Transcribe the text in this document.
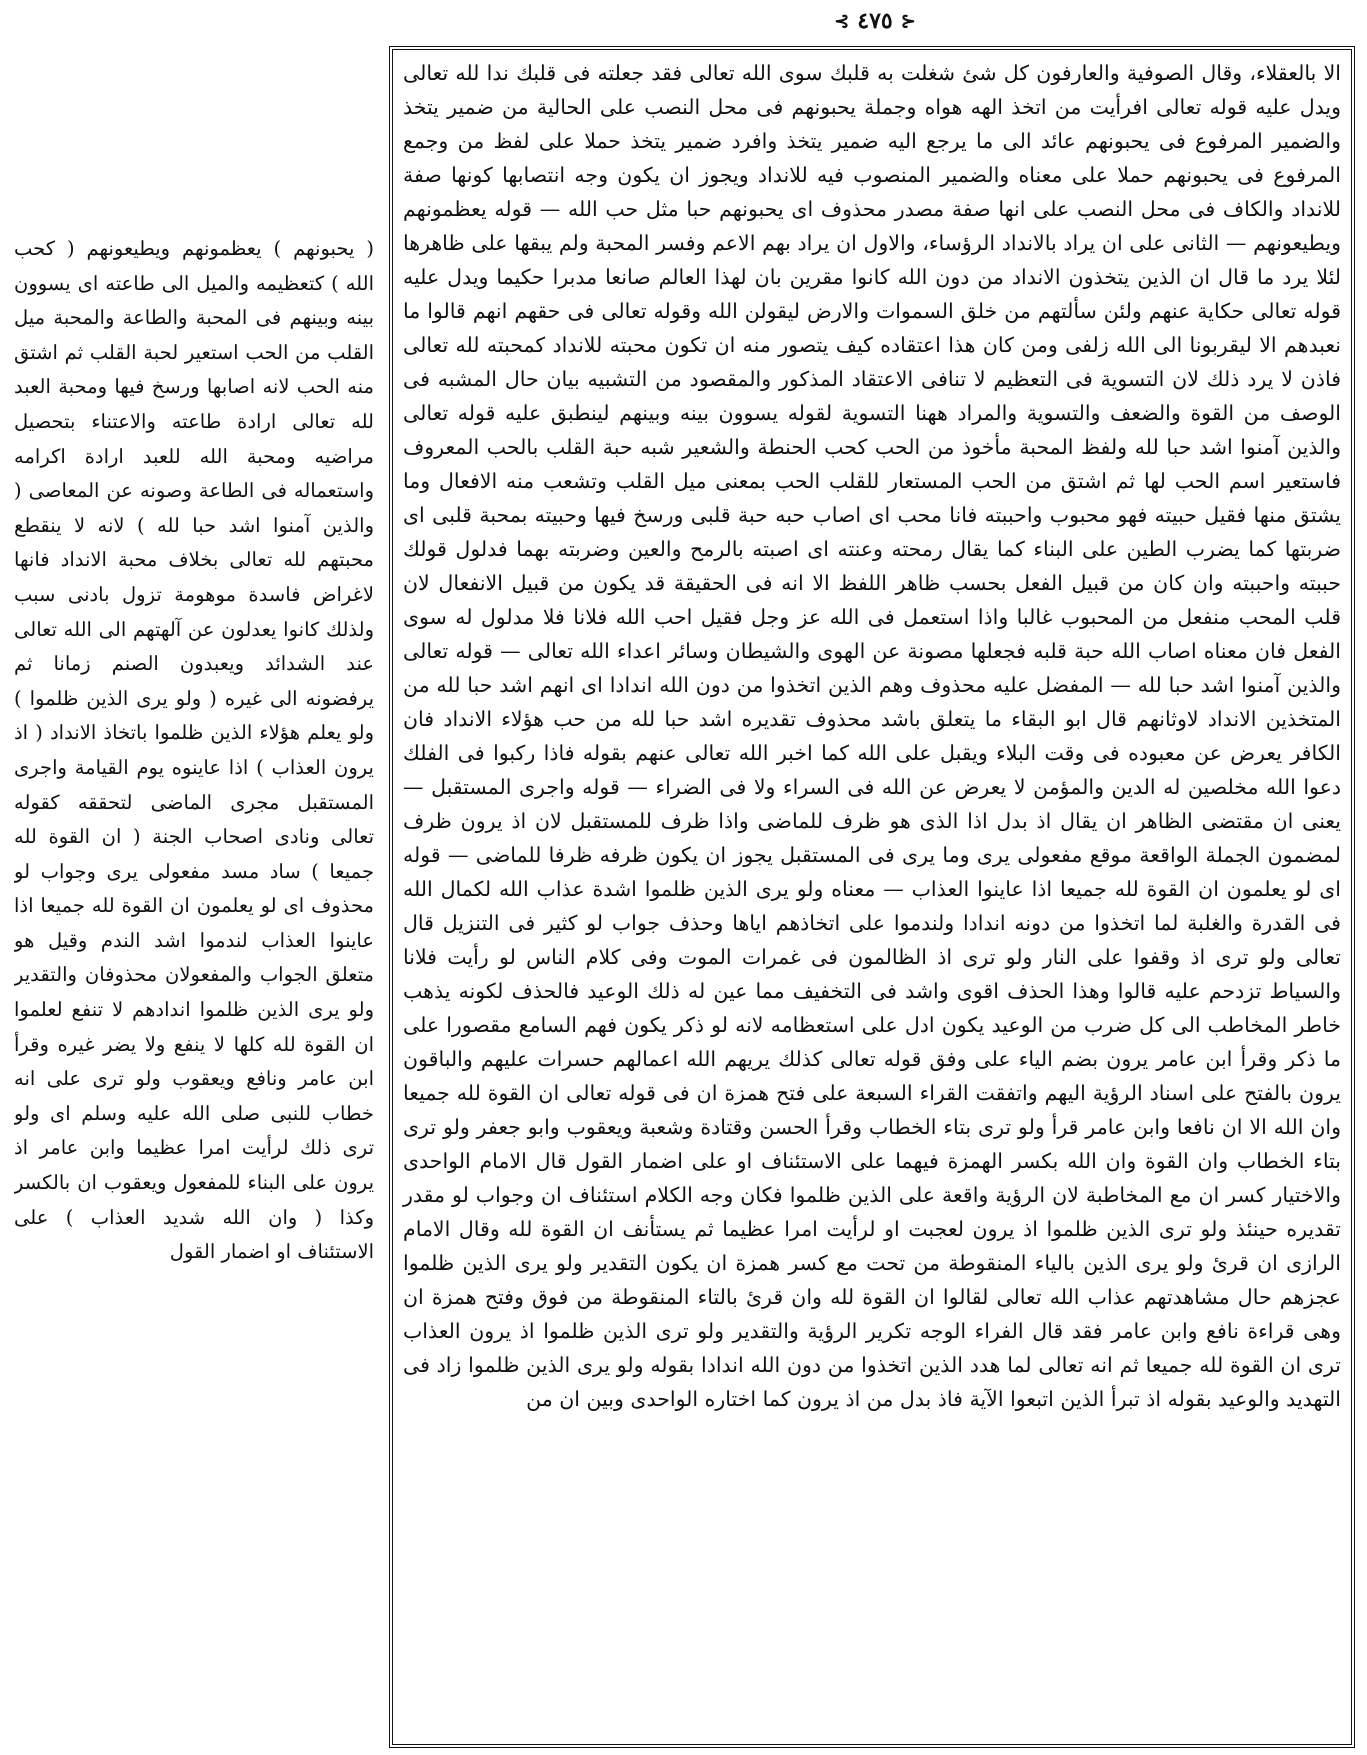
⊰
٤٧٥
⊱

الا بالعقلاء، وقال الصوفية والعارفون كل شئ شغلت به قلبك سوى الله تعالى فقد جعلته فى قلبك ندا لله تعالى ويدل عليه قوله تعالى افرأيت من اتخذ الهه هواه وجملة يحبونهم فى محل النصب على الحالية من ضمير يتخذ والضمير المرفوع فى يحبونهم عائد الى ما يرجع اليه ضمير يتخذ وافرد ضمير يتخذ حملا على لفظ من وجمع المرفوع فى يحبونهم حملا على معناه والضمير المنصوب فيه للانداد ويجوز ان يكون وجه انتصابها كونها صفة للانداد والكاف فى محل النصب على انها صفة مصدر محذوف اى يحبونهم حبا مثل حب الله — قوله يعظمونهم ويطيعونهم — الثانى على ان يراد بالانداد الرؤساء، والاول ان يراد بهم الاعم وفسر المحبة ولم يبقها على ظاهرها لئلا يرد ما قال ان الذين يتخذون الانداد من دون الله كانوا مقرين بان لهذا العالم صانعا مدبرا حكيما ويدل عليه قوله تعالى حكاية عنهم ولئن سألتهم من خلق السموات والارض ليقولن الله وقوله تعالى فى حقهم انهم قالوا ما نعبدهم الا ليقربونا الى الله زلفى ومن كان هذا اعتقاده كيف يتصور منه ان تكون محبته للانداد كمحبته لله تعالى فاذن لا يرد ذلك لان التسوية فى التعظيم لا تنافى الاعتقاد المذكور والمقصود من التشبيه بيان حال المشبه فى الوصف من القوة والضعف والتسوية والمراد ههنا التسوية لقوله يسوون بينه وبينهم لينطبق عليه قوله تعالى والذين آمنوا اشد حبا لله ولفظ المحبة مأخوذ من الحب كحب الحنطة والشعير شبه حبة القلب بالحب المعروف فاستعير اسم الحب لها ثم اشتق من الحب المستعار للقلب الحب بمعنى ميل القلب وتشعب منه الافعال وما يشتق منها فقيل حبيته فهو محبوب واحببته فانا محب اى اصاب حبه حبة قلبى ورسخ فيها وحبيته بمحبة قلبى اى ضربتها كما يضرب الطين على البناء كما يقال رمحته وعنته اى اصبته بالرمح والعين وضربته بهما فدلول قولك حببته واحببته وان كان من قبيل الفعل بحسب ظاهر اللفظ الا انه فى الحقيقة قد يكون من قبيل الانفعال لان قلب المحب منفعل من المحبوب غالبا واذا استعمل فى الله عز وجل فقيل احب الله فلانا فلا مدلول له سوى الفعل فان معناه اصاب الله حبة قلبه فجعلها مصونة عن الهوى والشيطان وسائر اعداء الله تعالى — قوله تعالى والذين آمنوا اشد حبا لله — المفضل عليه محذوف وهم الذين اتخذوا من دون الله اندادا اى انهم اشد حبا لله من المتخذين الانداد لاوثانهم قال ابو البقاء ما يتعلق باشد محذوف تقديره اشد حبا لله من حب هؤلاء الانداد فان الكافر يعرض عن معبوده فى وقت البلاء ويقبل على الله كما اخبر الله تعالى عنهم بقوله فاذا ركبوا فى الفلك دعوا الله مخلصين له الدين والمؤمن لا يعرض عن الله فى السراء ولا فى الضراء — قوله واجرى المستقبل — يعنى ان مقتضى الظاهر ان يقال اذ بدل اذا الذى هو ظرف للماضى واذا ظرف للمستقبل لان اذ يرون ظرف لمضمون الجملة الواقعة موقع مفعولى يرى وما يرى فى المستقبل يجوز ان يكون ظرفه ظرفا للماضى — قوله اى لو يعلمون ان القوة لله جميعا اذا عاينوا العذاب — معناه ولو يرى الذين ظلموا اشدة عذاب الله لكمال الله فى القدرة والغلبة لما اتخذوا من دونه اندادا ولندموا على اتخاذهم اياها وحذف جواب لو كثير فى التنزيل قال تعالى ولو ترى اذ وقفوا على النار ولو ترى اذ الظالمون فى غمرات الموت وفى كلام الناس لو رأيت فلانا والسياط تزدحم عليه قالوا وهذا الحذف اقوى واشد فى التخفيف مما عين له ذلك الوعيد فالحذف لكونه يذهب خاطر المخاطب الى كل ضرب من الوعيد يكون ادل على استعظامه لانه لو ذكر يكون فهم السامع مقصورا على ما ذكر وقرأ ابن عامر يرون بضم الياء على وفق قوله تعالى كذلك يريهم الله اعمالهم حسرات عليهم والباقون يرون بالفتح على اسناد الرؤية اليهم واتفقت القراء السبعة على فتح همزة ان فى قوله تعالى ان القوة لله جميعا وان الله الا ان نافعا وابن عامر قرأ ولو ترى بتاء الخطاب وقرأ الحسن وقتادة وشعبة ويعقوب وابو جعفر ولو ترى بتاء الخطاب وان القوة وان الله بكسر الهمزة فيهما على الاستئناف او على اضمار القول قال الامام الواحدى والاختيار كسر ان مع المخاطبة لان الرؤية واقعة على الذين ظلموا فكان وجه الكلام استئناف ان وجواب لو مقدر تقديره حينئذ ولو ترى الذين ظلموا اذ يرون لعجبت او لرأيت امرا عظيما ثم يستأنف ان القوة لله وقال الامام الرازى ان قرئ ولو يرى الذين بالياء المنقوطة من تحت مع كسر همزة ان يكون التقدير ولو يرى الذين ظلموا عجزهم حال مشاهدتهم عذاب الله تعالى لقالوا ان القوة لله وان قرئ بالتاء المنقوطة من فوق وفتح همزة ان وهى قراءة نافع وابن عامر فقد قال الفراء الوجه تكرير الرؤية والتقدير ولو ترى الذين ظلموا اذ يرون العذاب ترى ان القوة لله جميعا ثم انه تعالى لما هدد الذين اتخذوا من دون الله اندادا بقوله ولو يرى الذين ظلموا زاد فى التهديد والوعيد بقوله اذ تبرأ الذين اتبعوا الآية فاذ بدل من اذ يرون كما اختاره الواحدى وبين ان من

( يحبونهم ) يعظمونهم ويطيعونهم ( كحب الله ) كتعظيمه والميل الى طاعته اى يسوون بينه وبينهم فى المحبة والطاعة والمحبة ميل القلب من الحب استعير لحبة القلب ثم اشتق منه الحب لانه اصابها ورسخ فيها ومحبة العبد لله تعالى ارادة طاعته والاعتناء بتحصيل مراضيه ومحبة الله للعبد ارادة اكرامه واستعماله فى الطاعة وصونه عن المعاصى ( والذين آمنوا اشد حبا لله ) لانه لا ينقطع محبتهم لله تعالى بخلاف محبة الانداد فانها لاغراض فاسدة موهومة تزول بادنى سبب ولذلك كانوا يعدلون عن آلهتهم الى الله تعالى عند الشدائد ويعبدون الصنم زمانا ثم يرفضونه الى غيره ( ولو يرى الذين ظلموا ) ولو يعلم هؤلاء الذين ظلموا باتخاذ الانداد ( اذ يرون العذاب ) اذا عاينوه يوم القيامة واجرى المستقبل مجرى الماضى لتحققه كقوله تعالى ونادى اصحاب الجنة ( ان القوة لله جميعا ) ساد مسد مفعولى يرى وجواب لو محذوف اى لو يعلمون ان القوة لله جميعا اذا عاينوا العذاب لندموا اشد الندم وقيل هو متعلق الجواب والمفعولان محذوفان والتقدير ولو يرى الذين ظلموا اندادهم لا تنفع لعلموا ان القوة لله كلها لا ينفع ولا يضر غيره وقرأ ابن عامر ونافع ويعقوب ولو ترى على انه خطاب للنبى صلى الله عليه وسلم اى ولو ترى ذلك لرأيت امرا عظيما وابن عامر اذ يرون على البناء للمفعول ويعقوب ان بالكسر وكذا ( وان الله شديد العذاب ) على الاستئناف او اضمار القول
